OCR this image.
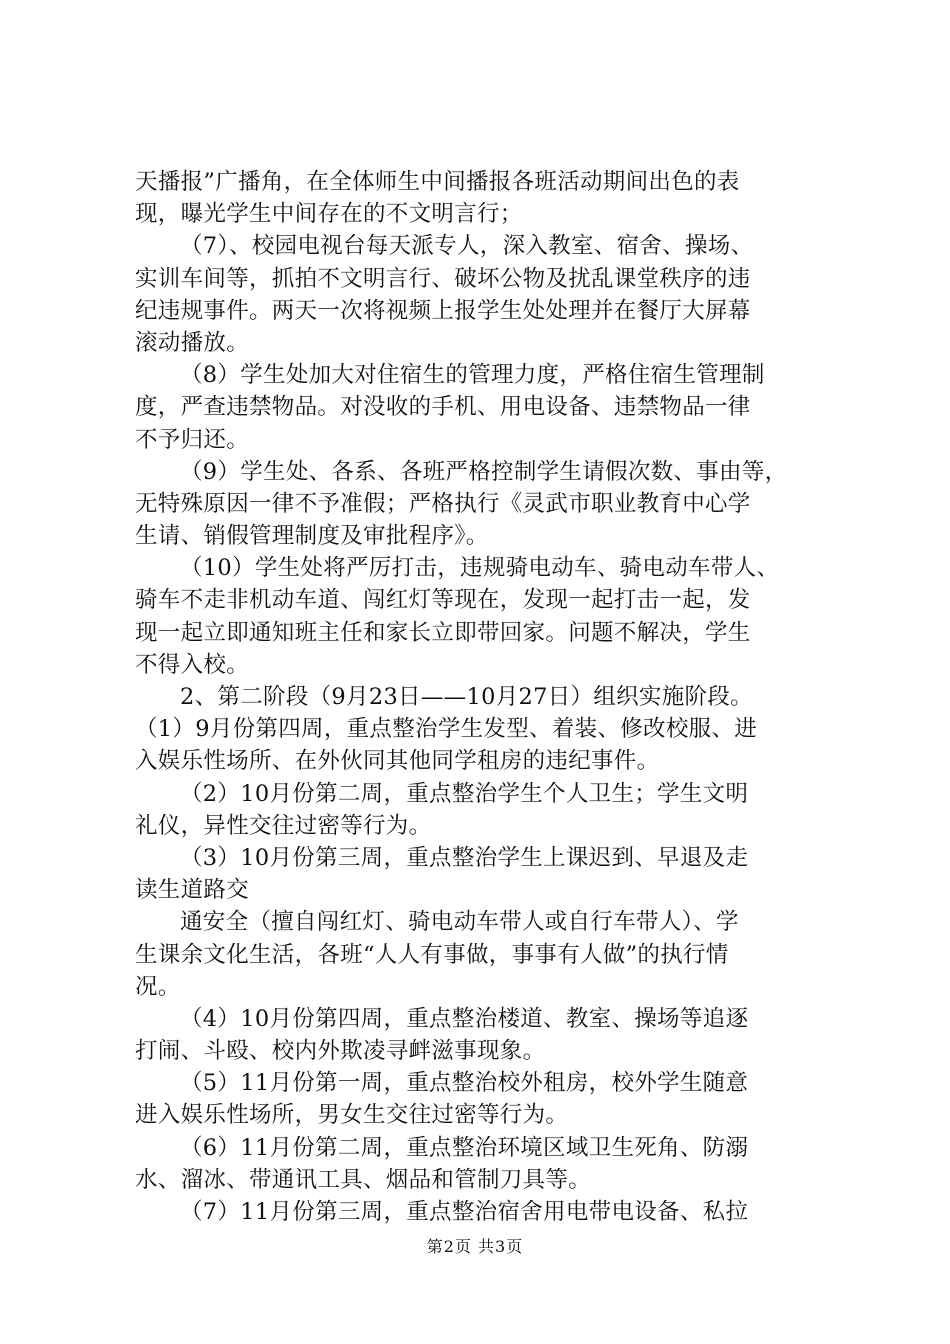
天播报”广播角，在全体师生中间播报各班活动期间出色的表
现，曝光学生中间存在的不文明言行；
（7）、校园电视台每天派专人，深入教室、宿舍、操场、
实训车间等，抓拍不文明言行、破坏公物及扰乱课堂秩序的违
纪违规事件。两天一次将视频上报学生处处理并在餐厅大屏幕
滚动播放。
（8）学生处加大对住宿生的管理力度，严格住宿生管理制
度，严查违禁物品。对没收的手机、用电设备、违禁物品一律
不予归还。
（9）学生处、各系、各班严格控制学生请假次数、事由等，
无特殊原因一律不予准假；严格执行《灵武市职业教育中心学
生请、销假管理制度及审批程序》。
（10）学生处将严厉打击，违规骑电动车、骑电动车带人、
骑车不走非机动车道、闯红灯等现在，发现一起打击一起，发
现一起立即通知班主任和家长立即带回家。问题不解决，学生
不得入校。
2、第二阶段（9月23日——10月27日）组织实施阶段。
（1）9月份第四周，重点整治学生发型、着装、修改校服、进
入娱乐性场所、在外伙同其他同学租房的违纪事件。
（2）10月份第二周，重点整治学生个人卫生；学生文明
礼仪，异性交往过密等行为。
（3）10月份第三周，重点整治学生上课迟到、早退及走
读生道路交
通安全（擅自闯红灯、骑电动车带人或自行车带人）、学
生课余文化生活，各班“人人有事做，事事有人做”的执行情
况。
（4）10月份第四周，重点整治楼道、教室、操场等追逐
打闹、斗殴、校内外欺凌寻衅滋事现象。
（5）11月份第一周，重点整治校外租房，校外学生随意
进入娱乐性场所，男女生交往过密等行为。
（6）11月份第二周，重点整治环境区域卫生死角、防溺
水、溜冰、带通讯工具、烟品和管制刀具等。
（7）11月份第三周，重点整治宿舍用电带电设备、私拉
第2页 共3页
